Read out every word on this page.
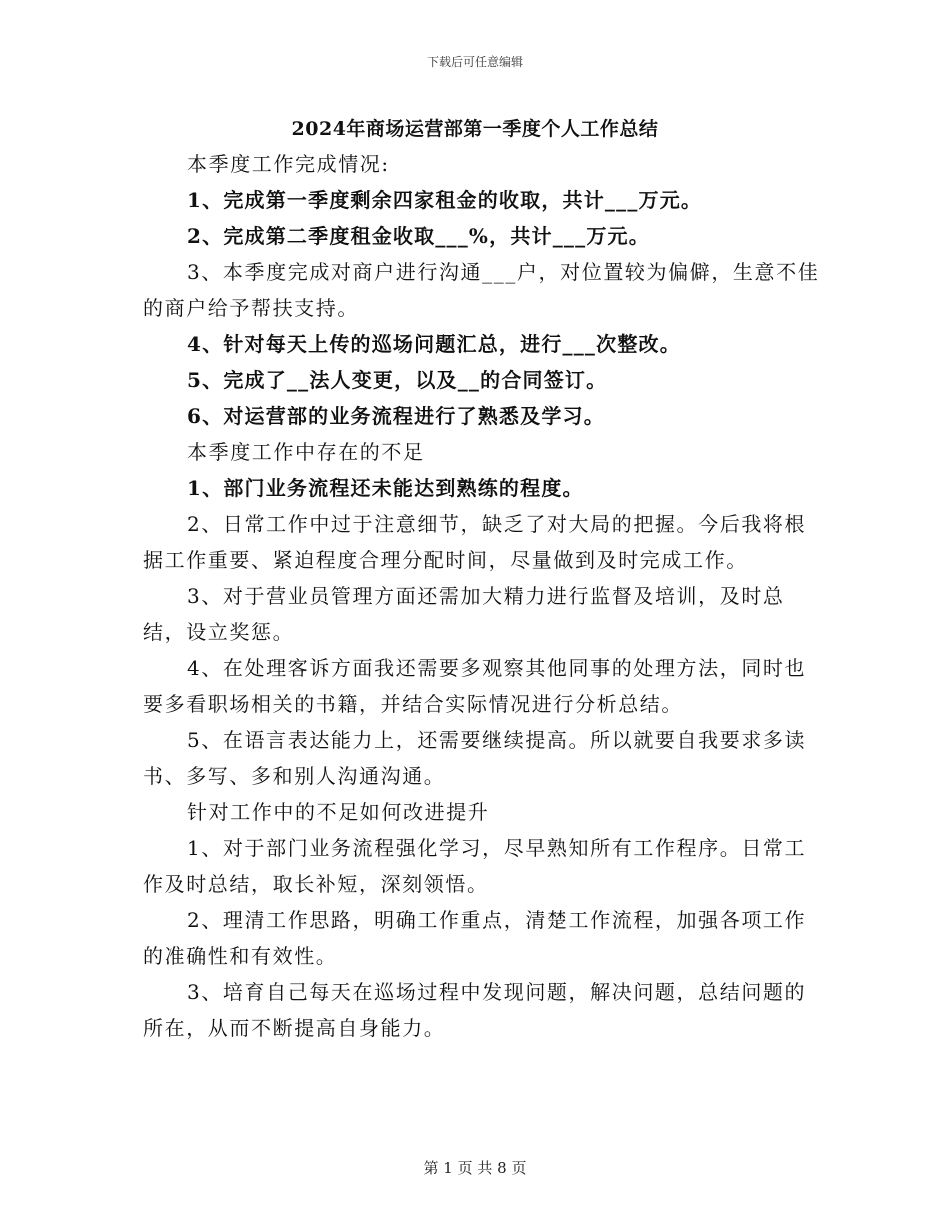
下载后可任意编辑
2024年商场运营部第一季度个人工作总结

本季度工作完成情况:

1、完成第一季度剩余四家租金的收取，共计___万元。

2、完成第二季度租金收取___%，共计___万元。

3、本季度完成对商户进行沟通___户，对位置较为偏僻，生意不佳的商户给予帮扶支持。

4、针对每天上传的巡场问题汇总，进行___次整改。

5、完成了__法人变更，以及__的合同签订。

6、对运营部的业务流程进行了熟悉及学习。

本季度工作中存在的不足

1、部门业务流程还未能达到熟练的程度。

2、日常工作中过于注意细节，缺乏了对大局的把握。今后我将根据工作重要、紧迫程度合理分配时间，尽量做到及时完成工作。

3、对于营业员管理方面还需加大精力进行监督及培训，及时总结，设立奖惩。

4、在处理客诉方面我还需要多观察其他同事的处理方法，同时也要多看职场相关的书籍，并结合实际情况进行分析总结。

5、在语言表达能力上，还需要继续提高。所以就要自我要求多读书、多写、多和别人沟通沟通。

针对工作中的不足如何改进提升

1、对于部门业务流程强化学习，尽早熟知所有工作程序。日常工作及时总结，取长补短，深刻领悟。

2、理清工作思路，明确工作重点，清楚工作流程，加强各项工作的准确性和有效性。

3、培育自己每天在巡场过程中发现问题，解决问题，总结问题的所在，从而不断提高自身能力。

第 1 页 共 8 页
